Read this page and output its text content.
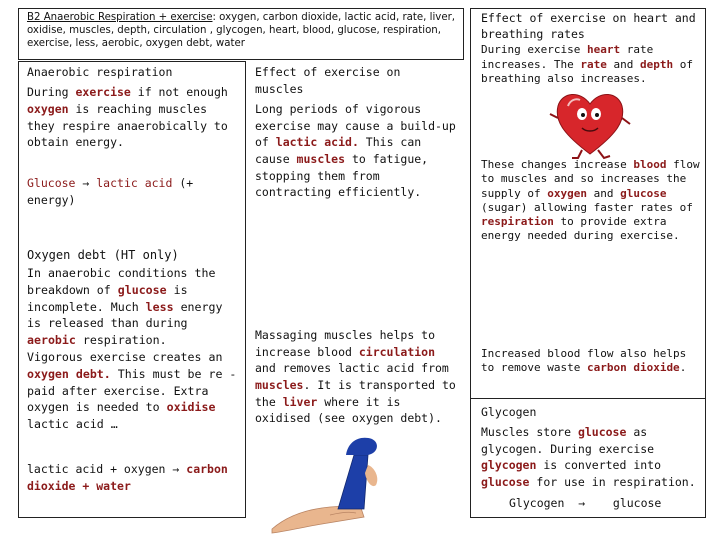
B2 Anaerobic Respiration + exercise: oxygen, carbon dioxide, lactic acid, rate, liver, oxidise, muscles, depth, circulation , glycogen, heart, blood, glucose, respiration, exercise, less, aerobic, oxygen debt, water

Anaerobic respiration

During exercise if not enough oxygen is reaching muscles they respire anaerobically to obtain energy.

Glucose → lactic acid (+ energy)

Oxygen debt (HT only)

In anaerobic conditions the breakdown of glucose is incomplete. Much less energy is released than during aerobic respiration.
Vigorous exercise creates an oxygen debt. This must be re -paid after exercise. Extra oxygen is needed to oxidise lactic acid …

lactic acid + oxygen → carbon dioxide + water

Effect of exercise on muscles

Long periods of vigorous exercise may cause a build-up of lactic acid. This can cause muscles to fatigue, stopping them from contracting efficiently.

Massaging muscles helps to increase blood circulation and removes lactic acid from muscles. It is transported to the liver where it is oxidised (see oxygen debt).

Effect of exercise on heart and breathing rates

During exercise heart rate increases. The rate and depth of breathing also increases.

These changes increase blood flow to muscles and so increases the supply of oxygen and glucose (sugar) allowing faster rates of respiration to provide extra energy needed during exercise.

Increased blood flow also helps to remove waste carbon dioxide.

Glycogen

Muscles store glucose as glycogen. During exercise glycogen is converted into glucose for use in respiration.

Glycogen → glucose
